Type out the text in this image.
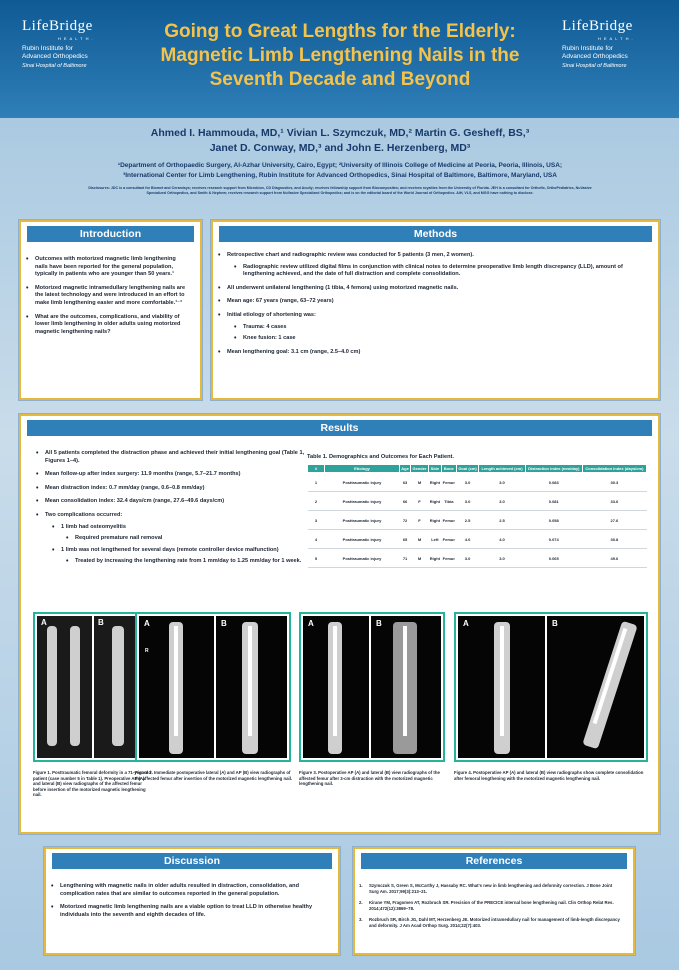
LifeBridge
HEALTH.
Rubin Institute for
Advanced Orthopedics
Sinai Hospital of Baltimore
Going to Great Lengths for the Elderly:
Magnetic Limb Lengthening Nails in the
Seventh Decade and Beyond
LifeBridge
HEALTH.
Rubin Institute for
Advanced Orthopedics
Sinai Hospital of Baltimore
Ahmed I. Hammouda, MD,¹ Vivian L. Szymczuk, MD,² Martin G. Gesheff, BS,³
Janet D. Conway, MD,³ and John E. Herzenberg, MD³
¹Department of Orthopaedic Surgery, Al-Azhar University, Cairo, Egypt; ²University of Illinois College of Medicine at Peoria, Peoria, Illinois, USA;
³International Center for Limb Lengthening, Rubin Institute for Advanced Orthopedics, Sinai Hospital of Baltimore, Baltimore, Maryland, USA
Disclosures: JDC is a consultant for Biomet and Ceramisys; receives research support from Microbion, CD Diagnostics, and Acuity; receives fellowship support from Biocomposites; and receives royalties from the University of Florida. JEH is a consultant for Orthofix, OrthoPediatrics, NuVasive Specialized Orthopedics, and Smith & Nephew; receives research support from NuVasive Specialized Orthopedics; and is on the editorial board of the World Journal of Orthopedics. AIH, VLS, and MGG have nothing to disclose.
Introduction
• Outcomes with motorized magnetic limb lengthening nails have been reported for the general population, typically in patients who are younger than 50 years.¹
• Motorized magnetic intramedullary lengthening nails are the latest technology and were introduced in an effort to make limb lengthening easier and more comfortable.¹⁻³
• What are the outcomes, complications, and viability of lower limb lengthening in older adults using motorized magnetic lengthening nails?
Methods
• Retrospective chart and radiographic review was conducted for 5 patients (3 men, 2 women).
• Radiographic review utilized digital films in conjunction with clinical notes to determine preoperative limb length discrepancy (LLD), amount of lengthening achieved, and the date of full distraction and complete consolidation.
• All underwent unilateral lengthening (1 tibia, 4 femora) using motorized magnetic nails.
• Mean age: 67 years (range, 63–72 years)
• Initial etiology of shortening was:
• Trauma: 4 cases
• Knee fusion: 1 case
• Mean lengthening goal: 3.1 cm (range, 2.5–4.0 cm)
Results
• All 5 patients completed the distraction phase and achieved their initial lengthening goal (Table 1, Figures 1–4).
• Mean follow-up after index surgery: 11.9 months (range, 5.7–21.7 months)
• Mean distraction index: 0.7 mm/day (range, 0.6–0.8 mm/day)
• Mean consolidation index: 32.4 days/cm (range, 27.6–49.6 days/cm)
• Two complications occurred:
• 1 limb had osteomyelitis
• Required premature nail removal
• 1 limb was not lengthened for several days (remote controller device malfunction)
• Treated by increasing the lengthening rate from 1 mm/day to 1.25 mm/day for 1 week.
Table 1. Demographics and Outcomes for Each Patient.
#	Etiology	Age	Gender	Side	Bone	Goal (cm)	Length achieved (cm)	Distraction index (mm/day)	Consolidation index (days/cm)
1	Posttraumatic injury	63	M	Right	Femur	3.0	3.0	0.083	30.3
2	Posttraumatic injury	66	F	Right	Tibia	3.0	3.0	0.081	33.6
3	Posttraumatic injury	72	F	Right	Femur	2.5	2.5	0.058	27.6
4	Posttraumatic injury	65	M	Left	Femur	4.0	4.0	0.074	30.8
5	Posttraumatic injury	71	M	Right	Femur	3.0	3.0	0.065	49.6
A	B
Figure 1. Posttraumatic femoral deformity in a 71-year-old patient (case number 5 in Table 1). Preoperative AP (A) and lateral (B) view radiographs of the affected femur before insertion of the motorized magnetic lengthening nail.
A
R
B
Figure 2. Immediate postoperative lateral (A) and AP (B) view radiographs of the affected femur after insertion of the motorized magnetic lengthening nail.
A	B
Figure 3. Postoperative AP (A) and lateral (B) view radiographs of the affected femur after 3-cm distraction with the motorized magnetic lengthening nail.
A	B
Figure 4. Postoperative AP (A) and lateral (B) view radiographs show complete consolidation after femoral lengthening with the motorized magnetic lengthening nail.
Discussion
• Lengthening with magnetic nails in older adults resulted in distraction, consolidation, and complication rates that are similar to outcomes reported in the general population.
• Motorized magnetic limb lengthening nails are a viable option to treat LLD in otherwise healthy individuals into the seventh and eighth decades of life.
References
1. Szymczuk S, Green S, McCarthy J, Hassaby RC. What's new in limb lengthening and deformity correction. J Bone Joint Surg Am. 2017;99(3):213–21.
2. Kirane YM, Fragomen AT, Rozbruch SR. Precision of the PRECICE internal bone lengthening nail. Clin Orthop Relat Res. 2014;472(12):3869–78.
3. Rozbruch SR, Birch JG, Dahl MT, Herzenberg JE. Motorized intramedullary nail for management of limb-length discrepancy and deformity. J Am Acad Orthop Surg. 2014;22(7):403.
